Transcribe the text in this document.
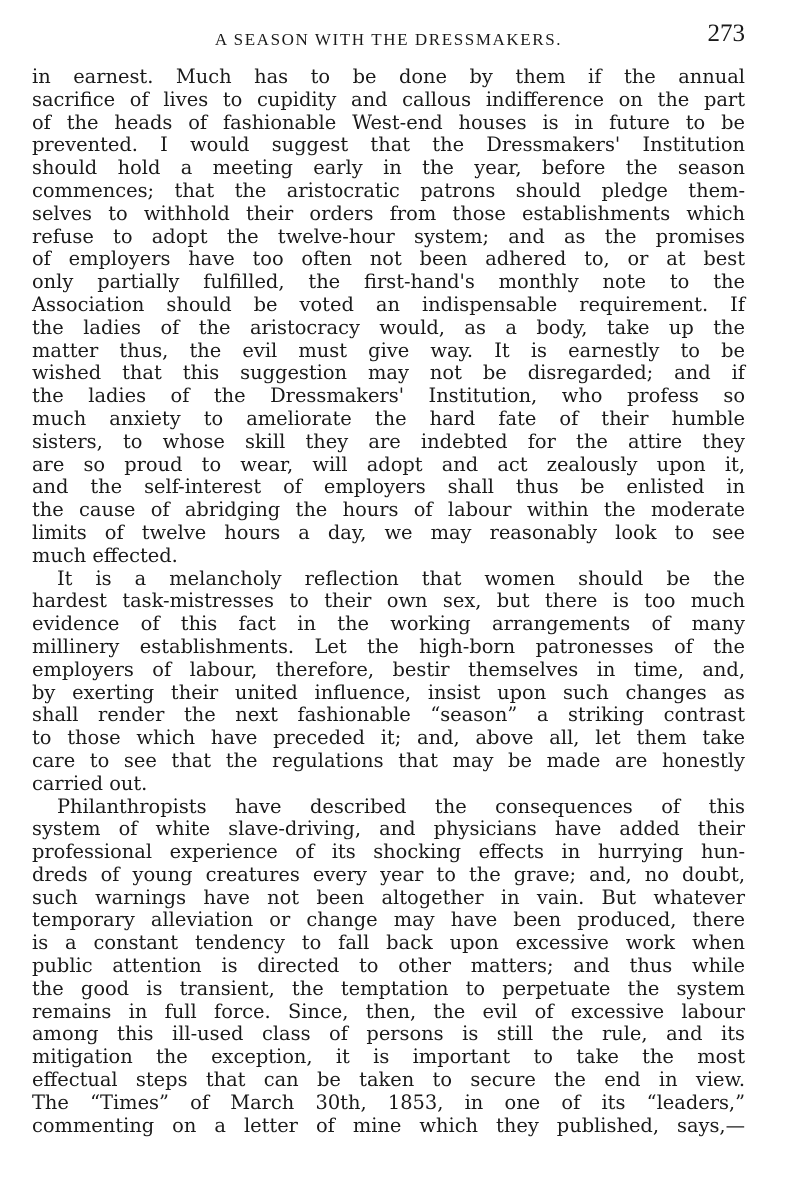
A SEASON WITH THE DRESSMAKERS.	273
in earnest. Much has to be done by them if the annual
sacrifice of lives to cupidity and callous indifference on the part
of the heads of fashionable West-end houses is in future to be
prevented. I would suggest that the Dressmakers' Institution
should hold a meeting early in the year, before the season
commences; that the aristocratic patrons should pledge them-
selves to withhold their orders from those establishments which
refuse to adopt the twelve-hour system; and as the promises
of employers have too often not been adhered to, or at best
only partially fulfilled, the first-hand's monthly note to the
Association should be voted an indispensable requirement. If
the ladies of the aristocracy would, as a body, take up the
matter thus, the evil must give way. It is earnestly to be
wished that this suggestion may not be disregarded; and if
the ladies of the Dressmakers' Institution, who profess so
much anxiety to ameliorate the hard fate of their humble
sisters, to whose skill they are indebted for the attire they
are so proud to wear, will adopt and act zealously upon it,
and the self-interest of employers shall thus be enlisted in
the cause of abridging the hours of labour within the moderate
limits of twelve hours a day, we may reasonably look to see
much effected.
It is a melancholy reflection that women should be the
hardest task-mistresses to their own sex, but there is too much
evidence of this fact in the working arrangements of many
millinery establishments. Let the high-born patronesses of the
employers of labour, therefore, bestir themselves in time, and,
by exerting their united influence, insist upon such changes as
shall render the next fashionable “season” a striking contrast
to those which have preceded it; and, above all, let them take
care to see that the regulations that may be made are honestly
carried out.
Philanthropists have described the consequences of this
system of white slave-driving, and physicians have added their
professional experience of its shocking effects in hurrying hun-
dreds of young creatures every year to the grave; and, no doubt,
such warnings have not been altogether in vain. But whatever
temporary alleviation or change may have been produced, there
is a constant tendency to fall back upon excessive work when
public attention is directed to other matters; and thus while
the good is transient, the temptation to perpetuate the system
remains in full force. Since, then, the evil of excessive labour
among this ill-used class of persons is still the rule, and its
mitigation the exception, it is important to take the most
effectual steps that can be taken to secure the end in view.
The “Times” of March 30th, 1853, in one of its “leaders,”
commenting on a letter of mine which they published, says,—
